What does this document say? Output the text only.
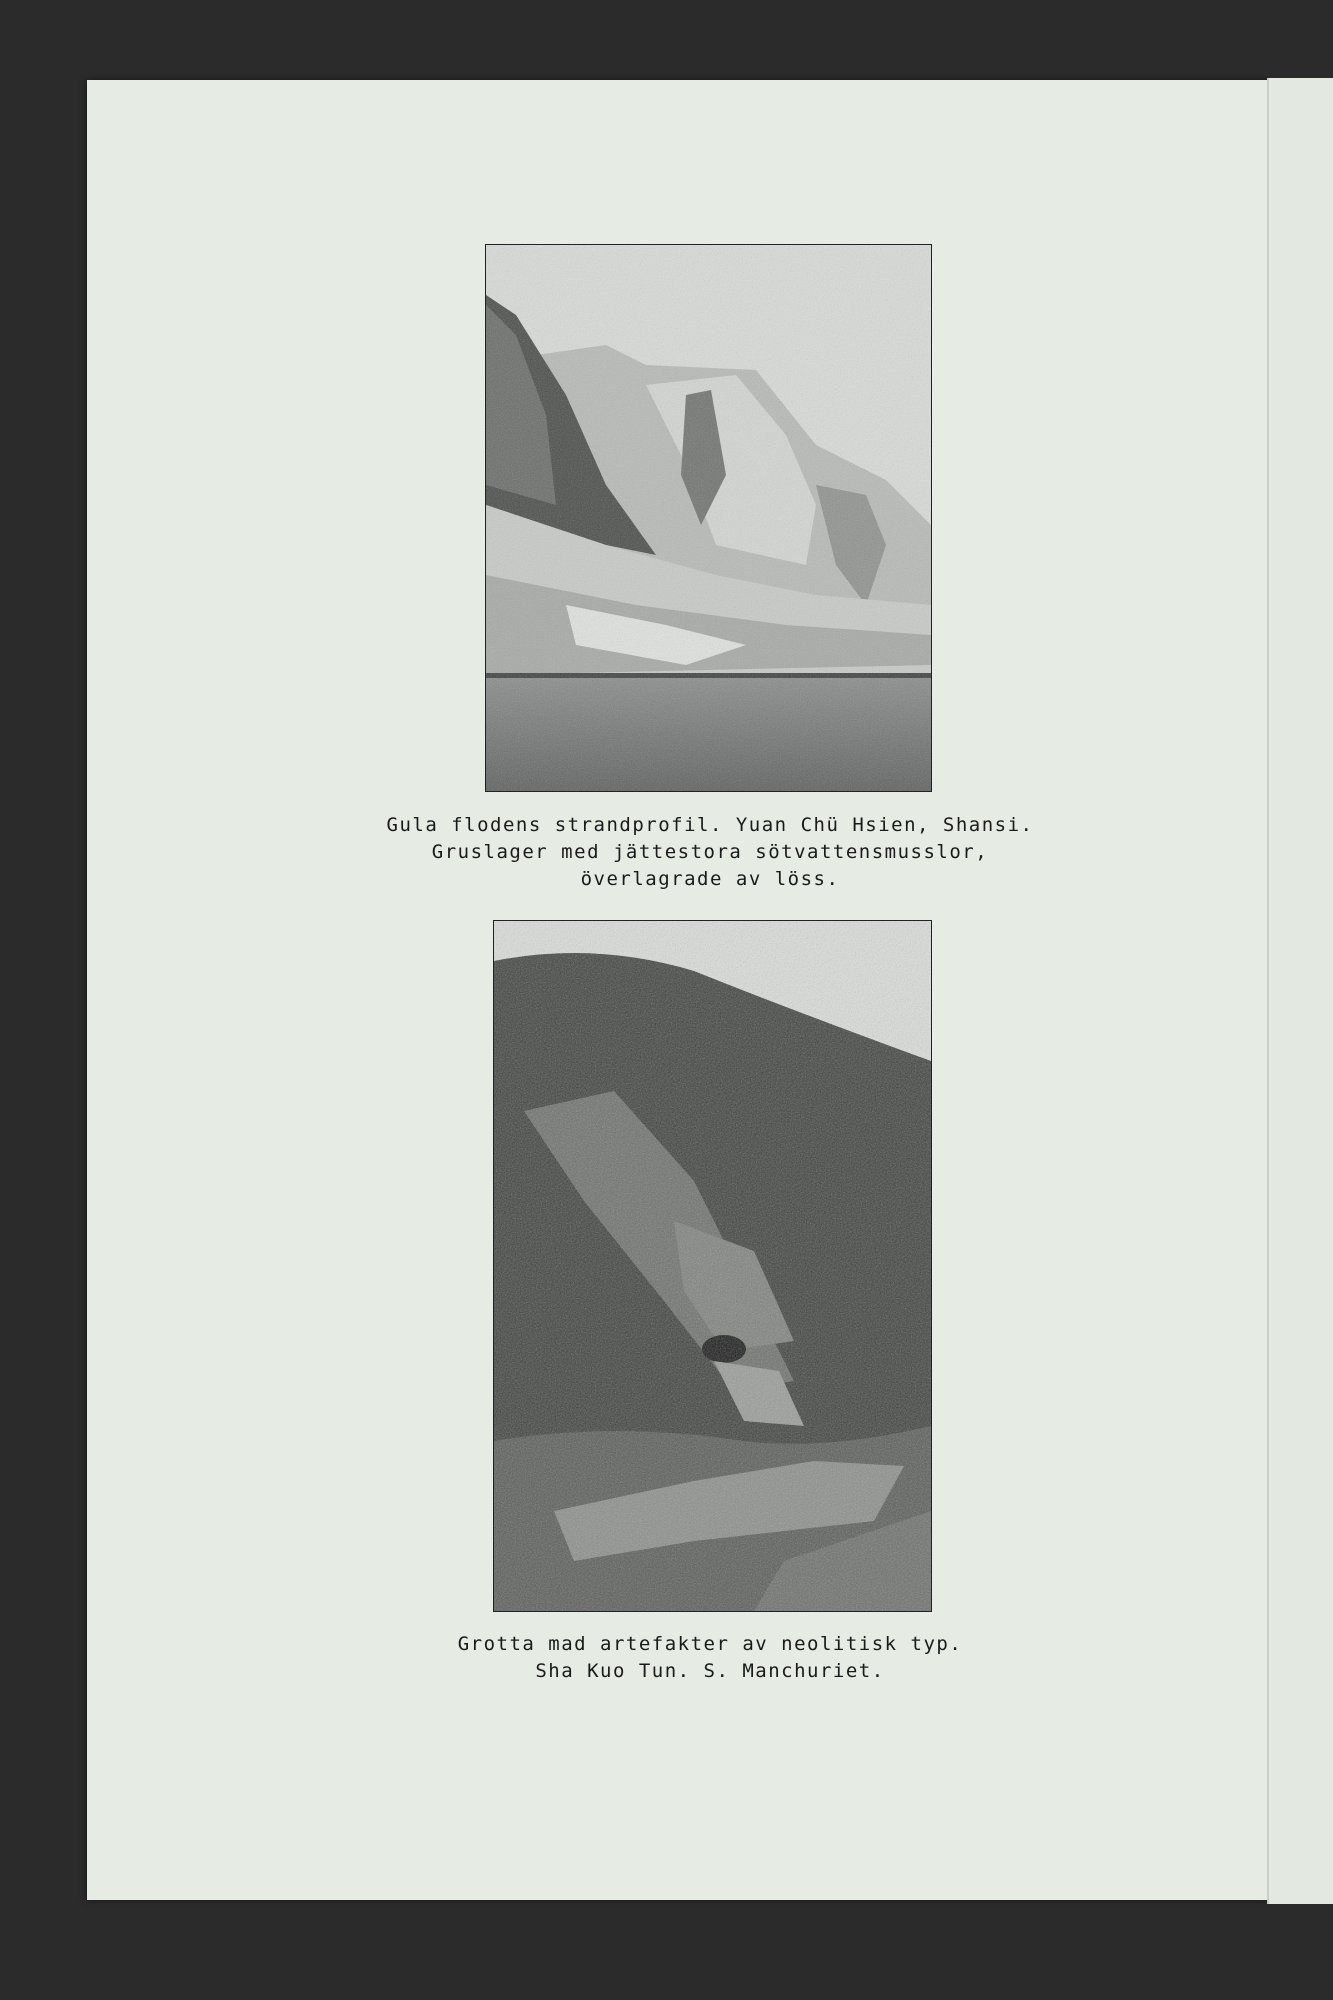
Gula flodens strandprofil. Yuan Chü Hsien, Shansi.
Gruslager med jättestora sötvattensmusslor,
överlagrade av löss.
Grotta mad artefakter av neolitisk typ.
Sha Kuo Tun. S. Manchuriet.
